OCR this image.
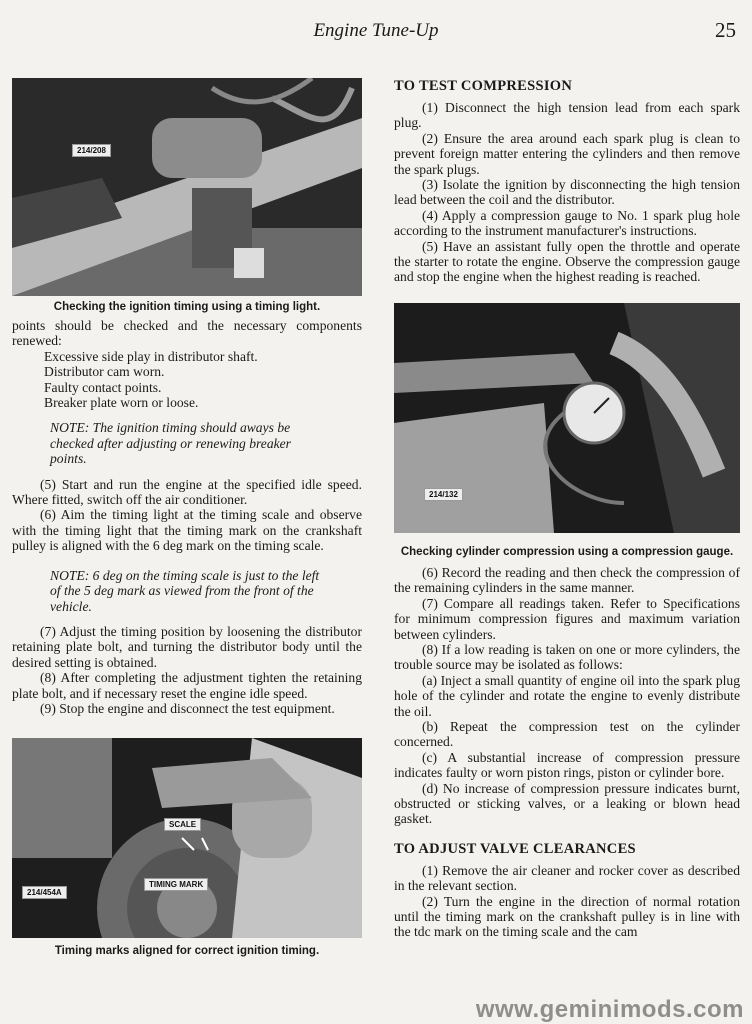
Engine Tune-Up	25
214/208
Checking the ignition timing using a timing light.

points should be checked and the necessary components renewed:

Excessive side play in distributor shaft.

Distributor cam worn.

Faulty contact points.

Breaker plate worn or loose.

NOTE: The ignition timing should aways be checked after adjusting or renewing breaker points.

(5) Start and run the engine at the specified idle speed. Where fitted, switch off the air conditioner.

(6) Aim the timing light at the timing scale and observe with the timing light that the timing mark on the crankshaft pulley is aligned with the 6 deg mark on the timing scale.

NOTE: 6 deg on the timing scale is just to the left of the 5 deg mark as viewed from the front of the vehicle.

(7) Adjust the timing position by loosening the distributor retaining plate bolt, and turning the distributor body until the desired setting is obtained.

(8) After completing the adjustment tighten the retaining plate bolt, and if necessary reset the engine idle speed.

(9) Stop the engine and disconnect the test equipment.

214/454A
SCALE
TIMING MARK
Timing marks aligned for correct ignition timing.
TO TEST COMPRESSION

(1) Disconnect the high tension lead from each spark plug.

(2) Ensure the area around each spark plug is clean to prevent foreign matter entering the cylinders and then remove the spark plugs.

(3) Isolate the ignition by disconnecting the high tension lead between the coil and the distributor.

(4) Apply a compression gauge to No. 1 spark plug hole according to the instrument manufacturer's instructions.

(5) Have an assistant fully open the throttle and operate the starter to rotate the engine. Observe the compression gauge and stop the engine when the highest reading is reached.

214/132
Checking cylinder compression using a compression gauge.

(6) Record the reading and then check the compression of the remaining cylinders in the same manner.

(7) Compare all readings taken. Refer to Specifications for minimum compression figures and maximum variation between cylinders.

(8) If a low reading is taken on one or more cylinders, the trouble source may be isolated as follows:

(a) Inject a small quantity of engine oil into the spark plug hole of the cylinder and rotate the engine to evenly distribute the oil.

(b) Repeat the compression test on the cylinder concerned.

(c) A substantial increase of compression pressure indicates faulty or worn piston rings, piston or cylinder bore.

(d) No increase of compression pressure indicates burnt, obstructed or sticking valves, or a leaking or blown head gasket.

TO ADJUST VALVE CLEARANCES

(1) Remove the air cleaner and rocker cover as described in the relevant section.

(2) Turn the engine in the direction of normal rotation until the timing mark on the crankshaft pulley is in line with the tdc mark on the timing scale and the cam

www.geminimods.com
